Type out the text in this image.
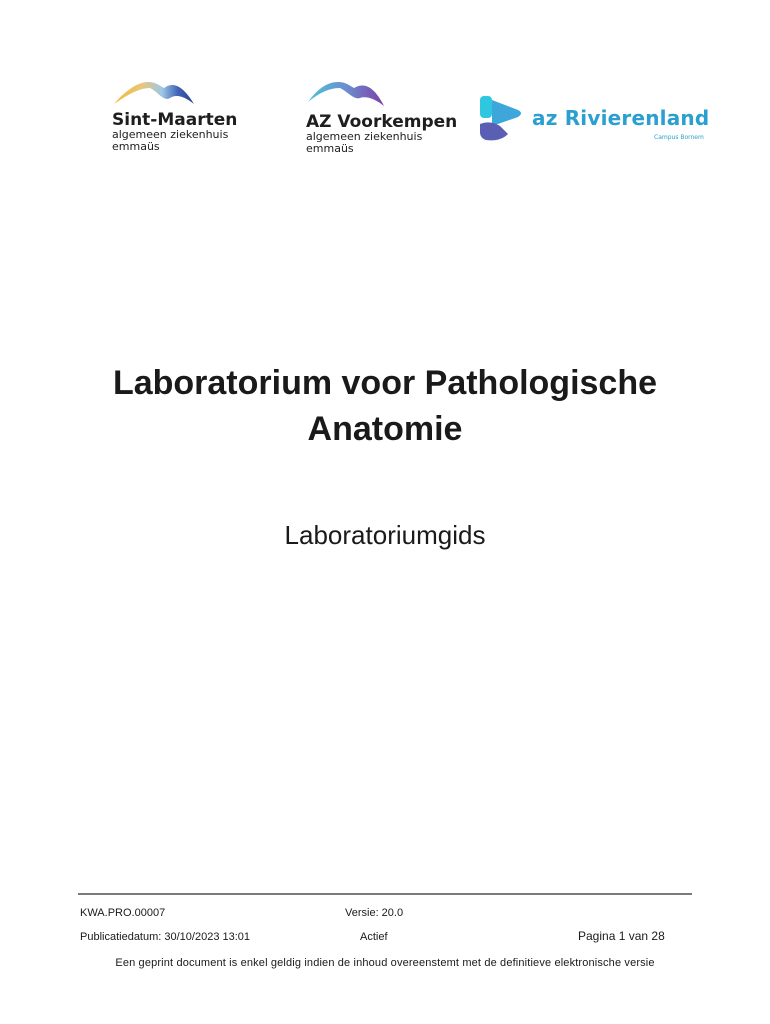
Sint-Maarten
algemeen ziekenhuis
emmaüs
AZ Voorkempen
algemeen ziekenhuis
emmaüs
az Rivierenland
Campus Bornem
Laboratorium voor Pathologische
Anatomie
Laboratoriumgids
KWA.PRO.00007	Versie: 20.0
Publicatiedatum: 30/10/2023 13:01	Actief	Pagina 1 van 28
Een geprint document is enkel geldig indien de inhoud overeenstemt met de definitieve elektronische versie
